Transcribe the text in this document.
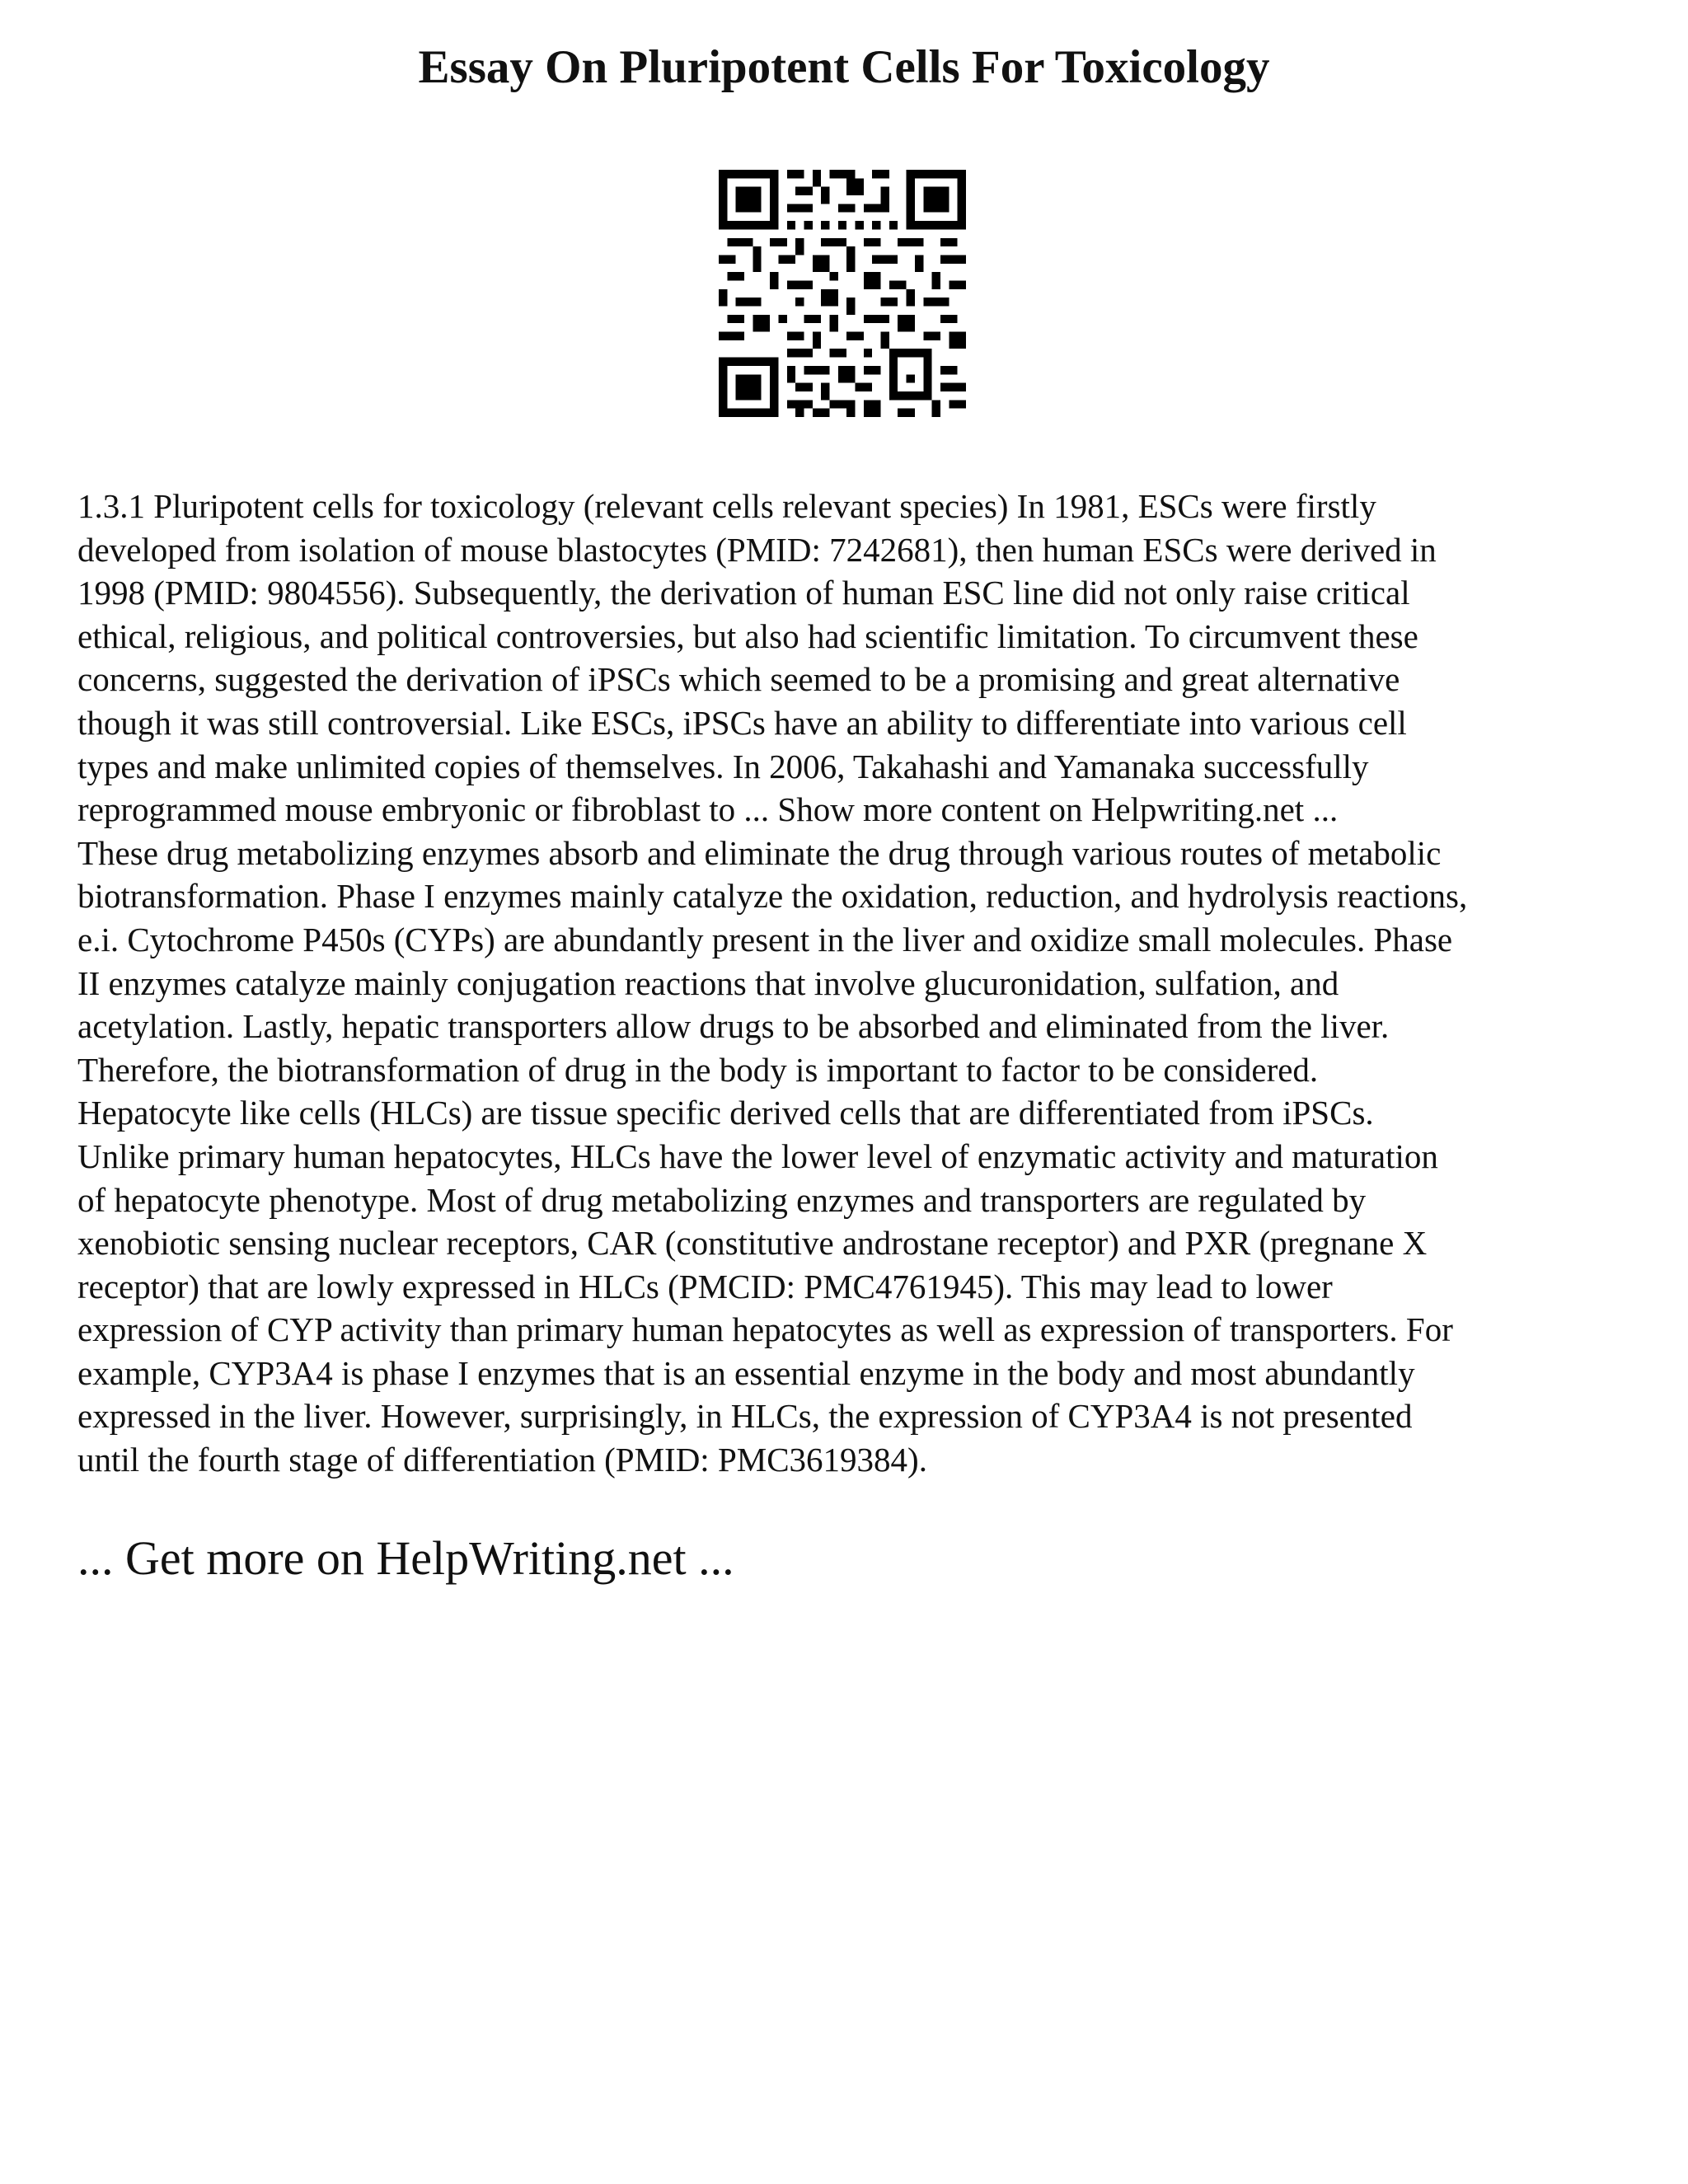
Essay On Pluripotent Cells For Toxicology
1.3.1 Pluripotent cells for toxicology (relevant cells relevant species) In 1981, ESCs were firstly
developed from isolation of mouse blastocytes (PMID: 7242681), then human ESCs were derived in
1998 (PMID: 9804556). Subsequently, the derivation of human ESC line did not only raise critical
ethical, religious, and political controversies, but also had scientific limitation. To circumvent these
concerns, suggested the derivation of iPSCs which seemed to be a promising and great alternative
though it was still controversial. Like ESCs, iPSCs have an ability to differentiate into various cell
types and make unlimited copies of themselves. In 2006, Takahashi and Yamanaka successfully
reprogrammed mouse embryonic or fibroblast to ... Show more content on Helpwriting.net ...
These drug metabolizing enzymes absorb and eliminate the drug through various routes of metabolic
biotransformation. Phase I enzymes mainly catalyze the oxidation, reduction, and hydrolysis reactions,
e.i. Cytochrome P450s (CYPs) are abundantly present in the liver and oxidize small molecules. Phase
II enzymes catalyze mainly conjugation reactions that involve glucuronidation, sulfation, and
acetylation. Lastly, hepatic transporters allow drugs to be absorbed and eliminated from the liver.
Therefore, the biotransformation of drug in the body is important to factor to be considered.
Hepatocyte like cells (HLCs) are tissue specific derived cells that are differentiated from iPSCs.
Unlike primary human hepatocytes, HLCs have the lower level of enzymatic activity and maturation
of hepatocyte phenotype. Most of drug metabolizing enzymes and transporters are regulated by
xenobiotic sensing nuclear receptors, CAR (constitutive androstane receptor) and PXR (pregnane X
receptor) that are lowly expressed in HLCs (PMCID: PMC4761945). This may lead to lower
expression of CYP activity than primary human hepatocytes as well as expression of transporters. For
example, CYP3A4 is phase I enzymes that is an essential enzyme in the body and most abundantly
expressed in the liver. However, surprisingly, in HLCs, the expression of CYP3A4 is not presented
until the fourth stage of differentiation (PMID: PMC3619384).
... Get more on HelpWriting.net ...
